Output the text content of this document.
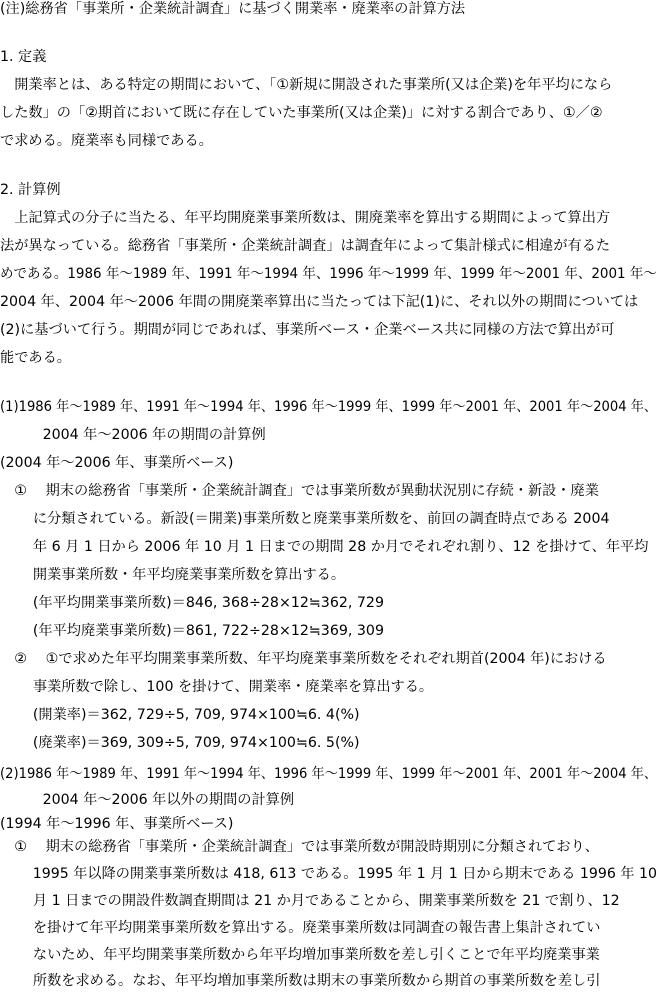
(注)総務省「事業所・企業統計調査」に基づく開業率・廃業率の計算方法
1. 定義
　開業率とは、ある特定の期間において、「①新規に開設された事業所(又は企業)を年平均になら
した数」の「②期首において既に存在していた事業所(又は企業)」に対する割合であり、①／②
で求める。廃業率も同様である。
2. 計算例
　上記算式の分子に当たる、年平均開廃業事業所数は、開廃業率を算出する期間によって算出方
法が異なっている。総務省「事業所・企業統計調査」は調査年によって集計様式に相違が有るた
めである。1986 年～1989 年、1991 年～1994 年、1996 年～1999 年、1999 年～2001 年、2001 年～
2004 年、2004 年～2006 年間の開廃業率算出に当たっては下記(1)に、それ以外の期間については
(2)に基づいて行う。期間が同じであれば、事業所ベース・企業ベース共に同様の方法で算出が可
能である。
(1)1986 年～1989 年、1991 年～1994 年、1996 年～1999 年、1999 年～2001 年、2001 年～2004 年、
　　　2004 年～2006 年の期間の計算例
(2004 年～2006 年、事業所ベース)
　①　 期末の総務省「事業所・企業統計調査」では事業所数が異動状況別に存続・新設・廃業
　　 に分類されている。新設(＝開業)事業所数と廃業事業所数を、前回の調査時点である 2004
　　 年 6 月 1 日から 2006 年 10 月 1 日までの期間 28 か月でそれぞれ割り、12 を掛けて、年平均
　　 開業事業所数・年平均廃業事業所数を算出する。
　　 (年平均開業事業所数)＝846, 368÷28×12≒362, 729
　　 (年平均廃業事業所数)＝861, 722÷28×12≒369, 309
　②　 ①で求めた年平均開業事業所数、年平均廃業事業所数をそれぞれ期首(2004 年)における
　　 事業所数で除し、100 を掛けて、開業率・廃業率を算出する。
　　 (開業率)＝362, 729÷5, 709, 974×100≒6. 4(%)
　　 (廃業率)＝369, 309÷5, 709, 974×100≒6. 5(%)
(2)1986 年～1989 年、1991 年～1994 年、1996 年～1999 年、1999 年～2001 年、2001 年～2004 年、
　　　2004 年～2006 年以外の期間の計算例
(1994 年～1996 年、事業所ベース)
　①　 期末の総務省「事業所・企業統計調査」では事業所数が開設時期別に分類されており、
　　 1995 年以降の開業事業所数は 418, 613 である。1995 年 1 月 1 日から期末である 1996 年 10
　　 月 1 日までの開設件数調査期間は 21 か月であることから、開業事業所数を 21 で割り、12
　　 を掛けて年平均開業事業所数を算出する。廃業事業所数は同調査の報告書上集計されてい
　　 ないため、年平均開業事業所数から年平均増加事業所数を差し引くことで年平均廃業事業
　　 所数を求める。なお、年平均増加事業所数は期末の事業所数から期首の事業所数を差し引
